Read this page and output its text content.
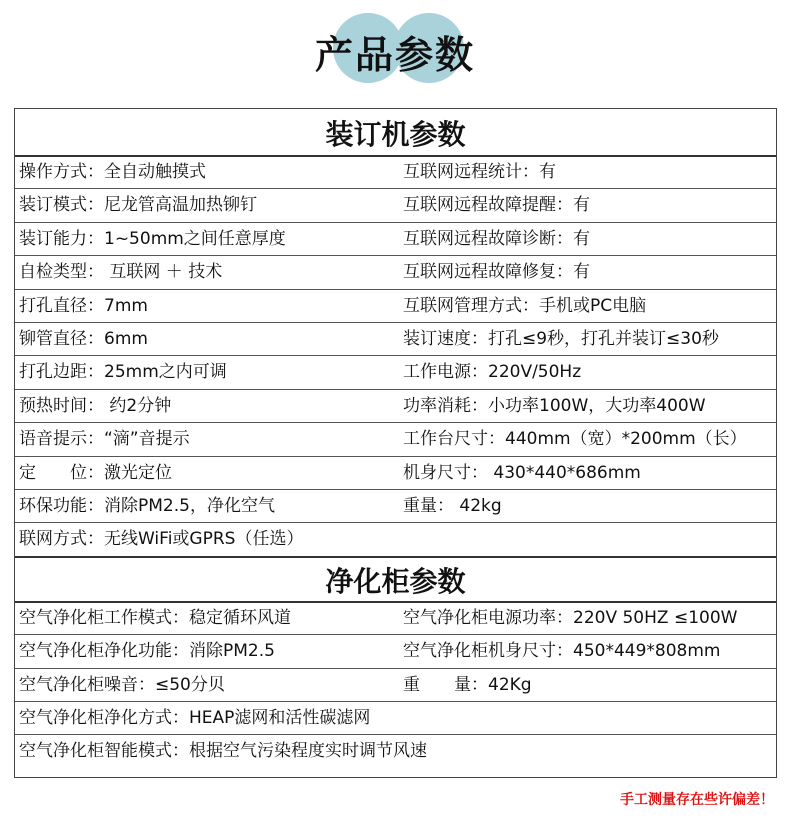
产品参数
装订机参数
操作方式：全自动触摸式	互联网远程统计：有
装订模式：尼龙管高温加热铆钉	互联网远程故障提醒：有
装订能力：1~50mm之间任意厚度	互联网远程故障诊断：有
自检类型： 互联网 ＋ 技术	互联网远程故障修复：有
打孔直径：7mm	互联网管理方式：手机或PC电脑
铆管直径：6mm	装订速度：打孔≤9秒，打孔并装订≤30秒
打孔边距：25mm之内可调	工作电源：220V/50Hz
预热时间： 约2分钟	功率消耗：小功率100W，大功率400W
语音提示：“滴”音提示	工作台尺寸：440mm（宽）*200mm（长）
定　　位：激光定位	机身尺寸： 430*440*686mm
环保功能：消除PM2.5，净化空气	重量： 42kg
联网方式：无线WiFi或GPRS（任选）
净化柜参数
空气净化柜工作模式：稳定循环风道	空气净化柜电源功率：220V 50HZ ≤100W
空气净化柜净化功能：消除PM2.5	空气净化柜机身尺寸：450*449*808mm
空气净化柜噪音：≤50分贝	重　　量：42Kg
空气净化柜净化方式：HEAP滤网和活性碳滤网
空气净化柜智能模式：根据空气污染程度实时调节风速
手工测量存在些许偏差！
